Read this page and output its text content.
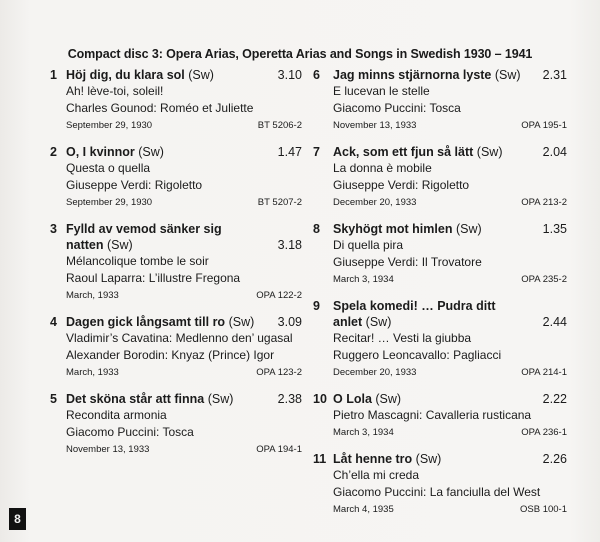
Compact disc 3: Opera Arias, Operetta Arias and Songs in Swedish 1930 – 1941
1 Höj dig, du klara sol (Sw)	3.10
Ah! lève-toi, soleil!
Charles Gounod: Roméo et Juliette
September 29, 1930	BT 5206-2
2 O, I kvinnor (Sw)	1.47
Questa o quella
Giuseppe Verdi: Rigoletto
September 29, 1930	BT 5207-2
3 Fylld av vemod sänker sig natten (Sw)	3.18
Mélancolique tombe le soir
Raoul Laparra: L’illustre Fregona
March, 1933	OPA 122-2
4 Dagen gick långsamt till ro (Sw)	3.09
Vladimir’s Cavatina: Medlenno den’ ugasal
Alexander Borodin: Knyaz (Prince) Igor
March, 1933	OPA 123-2
5 Det sköna står att finna (Sw)	2.38
Recondita armonia
Giacomo Puccini: Tosca
November 13, 1933	OPA 194-1
6	Jag minns stjärnorna lyste (Sw)	2.31
E lucevan le stelle
Giacomo Puccini: Tosca
November 13, 1933	OPA 195-1
7	Ack, som ett fjun så lätt (Sw)	2.04
La donna è mobile
Giuseppe Verdi: Rigoletto
December 20, 1933	OPA 213-2
8	Skyhögt mot himlen (Sw)	1.35
Di quella pira
Giuseppe Verdi: Il Trovatore
March 3, 1934	OPA 235-2
9	Spela komedi! … Pudra ditt anlet (Sw)	2.44
Recitar! … Vesti la giubba
Ruggero Leoncavallo: Pagliacci
December 20, 1933	OPA 214-1
10 O Lola (Sw)	2.22
Pietro Mascagni: Cavalleria rusticana
March 3, 1934	OPA 236-1
11 Låt henne tro (Sw)	2.26
Ch’ella mi creda
Giacomo Puccini: La fanciulla del West
March 4, 1935	OSB 100-1
8
